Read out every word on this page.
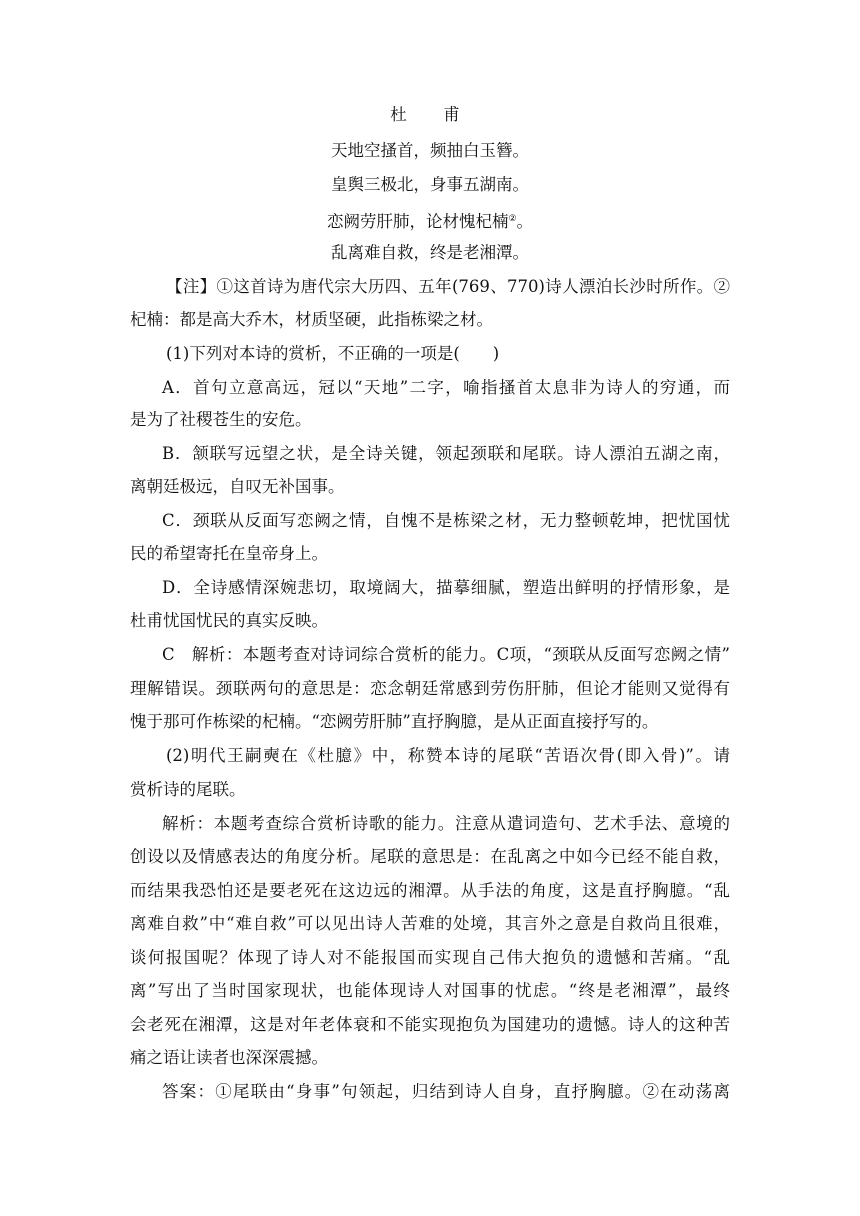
杜　甫
天地空搔首，频抽白玉簪。
皇舆三极北，身事五湖南。
恋阙劳肝肺，论材愧杞楠②。
乱离难自救，终是老湘潭。
【注】①这首诗为唐代宗大历四、五年(769、770)诗人漂泊长沙时所作。②
杞楠：都是高大乔木，材质坚硬，此指栋梁之材。
(1)下列对本诗的赏析，不正确的一项是(　　)
A．首句立意高远，冠以“天地”二字，喻指搔首太息非为诗人的穷通，而
是为了社稷苍生的安危。
B．颔联写远望之状，是全诗关键，领起颈联和尾联。诗人漂泊五湖之南，
离朝廷极远，自叹无补国事。
C．颈联从反面写恋阙之情，自愧不是栋梁之材，无力整顿乾坤，把忧国忧
民的希望寄托在皇帝身上。
D．全诗感情深婉悲切，取境阔大，描摹细腻，塑造出鲜明的抒情形象，是
杜甫忧国忧民的真实反映。
C　解析：本题考查对诗词综合赏析的能力。C项，“颈联从反面写恋阙之情”
理解错误。颈联两句的意思是：恋念朝廷常感到劳伤肝肺，但论才能则又觉得有
愧于那可作栋梁的杞楠。“恋阙劳肝肺”直抒胸臆，是从正面直接抒写的。
(2)明代王嗣奭在《杜臆》中，称赞本诗的尾联“苦语次骨(即入骨)”。请
赏析诗的尾联。
解析：本题考查综合赏析诗歌的能力。注意从遣词造句、艺术手法、意境的
创设以及情感表达的角度分析。尾联的意思是：在乱离之中如今已经不能自救，
而结果我恐怕还是要老死在这边远的湘潭。从手法的角度，这是直抒胸臆。“乱
离难自救”中“难自救”可以见出诗人苦难的处境，其言外之意是自救尚且很难，
谈何报国呢？体现了诗人对不能报国而实现自己伟大抱负的遗憾和苦痛。“乱
离”写出了当时国家现状，也能体现诗人对国事的忧虑。“终是老湘潭”，最终
会老死在湘潭，这是对年老体衰和不能实现抱负为国建功的遗憾。诗人的这种苦
痛之语让读者也深深震撼。
答案：①尾联由“身事”句领起，归结到诗人自身，直抒胸臆。②在动荡离
